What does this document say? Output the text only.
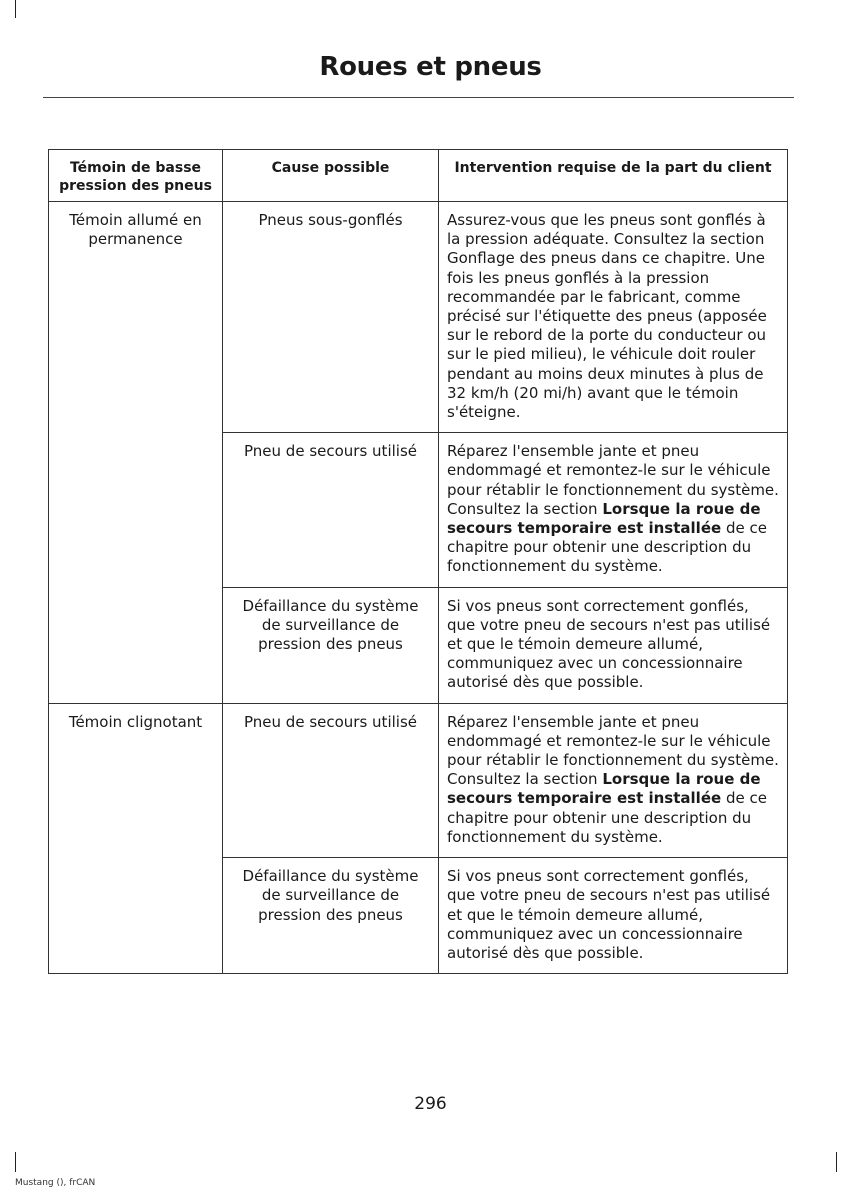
Roues et pneus
Témoin de basse pression des pneus	Cause possible	Intervention requise de la part du client
Témoin allumé en permanence	Pneus sous-gonflés	Assurez-vous que les pneus sont gonflés à la pression adéquate. Consultez la section Gonflage des pneus dans ce chapitre. Une fois les pneus gonflés à la pression recommandée par le fabricant, comme précisé sur l'étiquette des pneus (apposée sur le rebord de la porte du conducteur ou sur le pied milieu), le véhicule doit rouler pendant au moins deux minutes à plus de 32 km/h (20 mi/h) avant que le témoin s'éteigne.
	Pneu de secours utilisé	Réparez l'ensemble jante et pneu endommagé et remontez-le sur le véhicule pour rétablir le fonctionnement du système. Consultez la section Lorsque la roue de secours temporaire est installée de ce chapitre pour obtenir une description du fonctionnement du système.
	Défaillance du système de surveillance de pression des pneus	Si vos pneus sont correctement gonflés, que votre pneu de secours n'est pas utilisé et que le témoin demeure allumé, communiquez avec un concessionnaire autorisé dès que possible.
Témoin clignotant	Pneu de secours utilisé	Réparez l'ensemble jante et pneu endommagé et remontez-le sur le véhicule pour rétablir le fonctionnement du système. Consultez la section Lorsque la roue de secours temporaire est installée de ce chapitre pour obtenir une description du fonctionnement du système.
	Défaillance du système de surveillance de pression des pneus	Si vos pneus sont correctement gonflés, que votre pneu de secours n'est pas utilisé et que le témoin demeure allumé, communiquez avec un concessionnaire autorisé dès que possible.
296
Mustang (), frCAN
